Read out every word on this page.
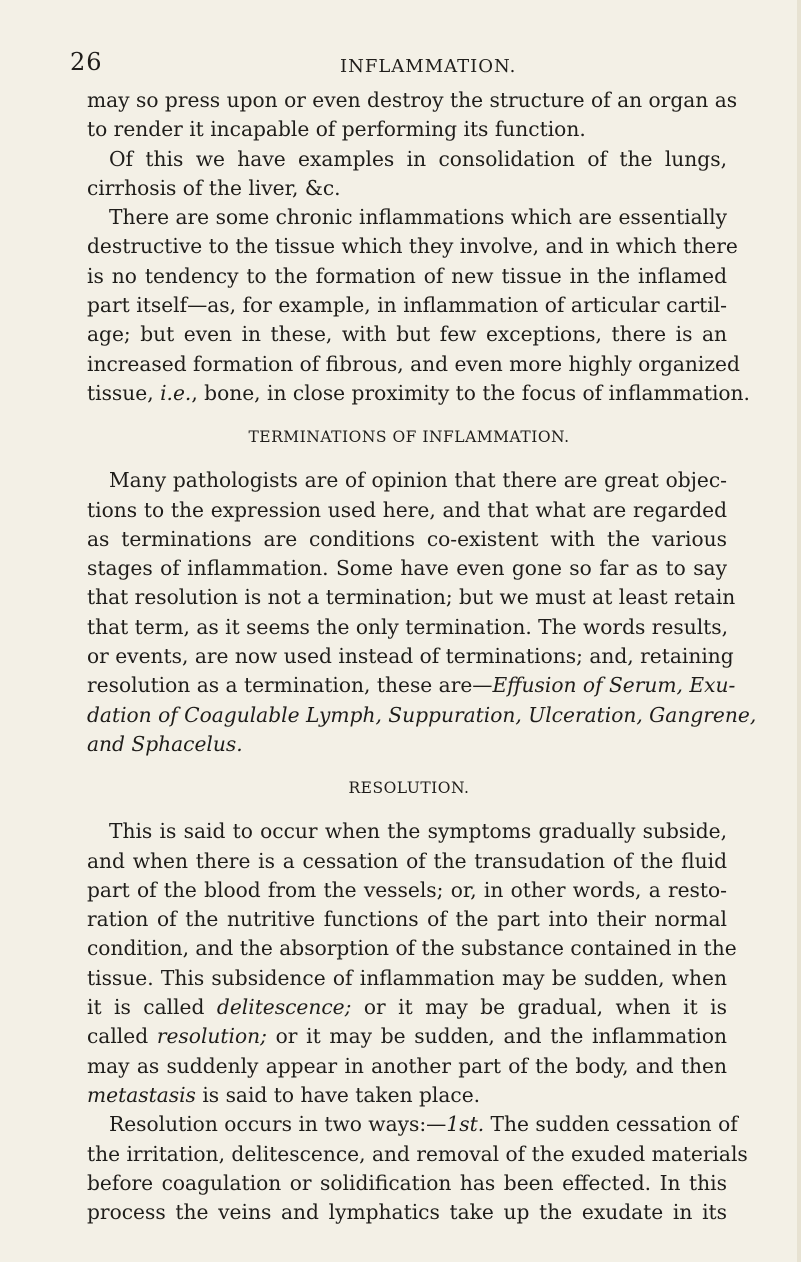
26	INFLAMMATION.
may so press upon or even destroy the structure of an organ as
to render it incapable of performing its function.
Of this we have examples in consolidation of the lungs,
cirrhosis of the liver, &c.
There are some chronic inflammations which are essentially
destructive to the tissue which they involve, and in which there
is no tendency to the formation of new tissue in the inflamed
part itself—as, for example, in inflammation of articular cartil-
age; but even in these, with but few exceptions, there is an
increased formation of fibrous, and even more highly organized
tissue, i.e., bone, in close proximity to the focus of inflammation.
TERMINATIONS OF INFLAMMATION.
Many pathologists are of opinion that there are great objec-
tions to the expression used here, and that what are regarded
as terminations are conditions co-existent with the various
stages of inflammation. Some have even gone so far as to say
that resolution is not a termination; but we must at least retain
that term, as it seems the only termination. The words results,
or events, are now used instead of terminations; and, retaining
resolution as a termination, these are—Effusion of Serum, Exu-
dation of Coagulable Lymph, Suppuration, Ulceration, Gangrene,
and Sphacelus.
RESOLUTION.
This is said to occur when the symptoms gradually subside,
and when there is a cessation of the transudation of the fluid
part of the blood from the vessels; or, in other words, a resto-
ration of the nutritive functions of the part into their normal
condition, and the absorption of the substance contained in the
tissue. This subsidence of inflammation may be sudden, when
it is called delitescence; or it may be gradual, when it is
called resolution; or it may be sudden, and the inflammation
may as suddenly appear in another part of the body, and then
metastasis is said to have taken place.
Resolution occurs in two ways:—1st. The sudden cessation of
the irritation, delitescence, and removal of the exuded materials
before coagulation or solidification has been effected. In this
process the veins and lymphatics take up the exudate in its
